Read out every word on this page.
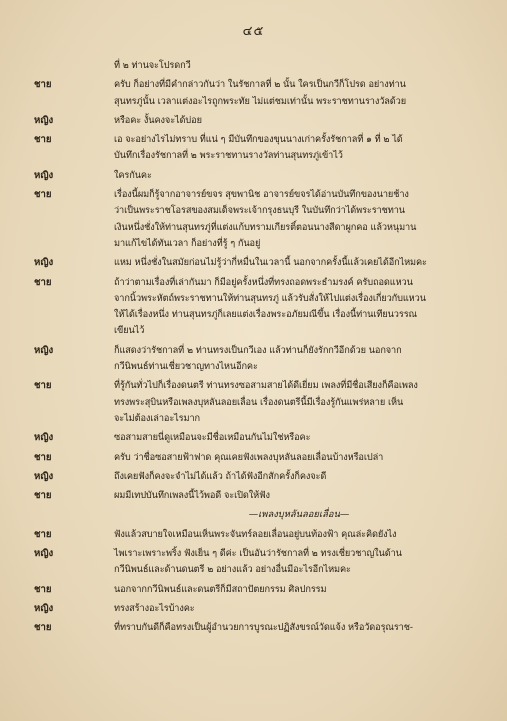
๔๕
ที่ ๒ ท่านจะโปรดกวี
ชาย	ครับ ก็อย่างที่มีคำกล่าวกันว่า ในรัชกาลที่ ๒ นั้น ใครเป็นกวีก็โปรด อย่างท่าน
สุนทรภู่นั้น เวลาแต่งอะไรถูกพระทัย ไม่แต่ชมเท่านั้น พระราชทานรางวัลด้วย
หญิง	หรือคะ งั้นคงจะได้บ่อย
ชาย	เอ จะอย่างไรไม่ทราบ ที่แน่ ๆ มีบันทึกของขุนนางเก่าครั้งรัชกาลที่ ๑ ที่ ๒ ได้
บันทึกเรื่องรัชกาลที่ ๒ พระราชทานรางวัลท่านสุนทรภู่เข้าไว้
หญิง	ใครกันคะ
ชาย	เรื่องนี้ผมก็รู้จากอาจารย์ขจร สุขพานิช อาจารย์ขจรได้อ่านบันทึกของนายช้าง
ว่าเป็นพระราชโอรสของสมเด็จพระเจ้ากรุงธนบุรี ในบันทึกว่าได้พระราชทาน
เงินหนึ่งชั่งให้ท่านสุนทรภู่ที่แต่งแก้บทรามเกียรติ์ตอนนางสีดาผูกคอ แล้วหนุมาน
มาแก้ไขได้ทันเวลา ก็อย่างที่รู้ ๆ กันอยู่
หญิง	แหม หนึ่งชั่งในสมัยก่อนไม่รู้ว่ากี่หมื่นในเวลานี้ นอกจากครั้งนี้แล้วเคยได้อีกไหมคะ
ชาย	ถ้าว่าตามเรื่องที่เล่ากันมา ก็มีอยู่ครั้งหนึ่งที่ทรงถอดพระธำมรงค์ ครับถอดแหวน
จากนิ้วพระหัตถ์พระราชทานให้ท่านสุนทรภู่ แล้วรับสั่งให้ไปแต่งเรื่องเกี่ยวกับแหวน
ให้ได้เรื่องหนึ่ง ท่านสุนทรภู่ก็เลยแต่งเรื่องพระอภัยมณีขึ้น เรื่องนี้ท่านเทียนวรรณ
เขียนไว้
หญิง	ก็แสดงว่ารัชกาลที่ ๒ ท่านทรงเป็นกวีเอง แล้วท่านก็ยังรักกวีอีกด้วย นอกจาก
กวีนิพนธ์ท่านเชี่ยวชาญทางไหนอีกคะ
ชาย	ที่รู้กันทั่วไปก็เรื่องดนตรี ท่านทรงซอสามสายได้ดีเยี่ยม เพลงที่มีชื่อเสียงก็คือเพลง
ทรงพระสุบินหรือเพลงบุหลันลอยเลื่อน เรื่องดนตรีนี้มีเรื่องรู้กันแพร่หลาย เห็น
จะไม่ต้องเล่าอะไรมาก
หญิง	ซอสามสายนี่ดูเหมือนจะมีชื่อเหมือนกันไม่ใช่หรือคะ
ชาย	ครับ ว่าชื่อซอสายฟ้าฟาด คุณเคยฟังเพลงบุหลันลอยเลื่อนบ้างหรือเปล่า
หญิง	ถึงเคยฟังก็คงจะจำไม่ได้แล้ว ถ้าได้ฟังอีกสักครั้งก็คงจะดี
ชาย	ผมมีเทปบันทึกเพลงนี้ไว้พอดี จะเปิดให้ฟัง
—เพลงบุหลันลอยเลื่อน—
ชาย	ฟังแล้วสบายใจเหมือนเห็นพระจันทร์ลอยเลื่อนอยู่บนท้องฟ้า คุณล่ะคิดยังไง
หญิง	ไพเราะเพราะพริ้ง ฟังเย็น ๆ ดีค่ะ เป็นอันว่ารัชกาลที่ ๒ ทรงเชี่ยวชาญในด้าน
กวีนิพนธ์และด้านดนตรี ๒ อย่างแล้ว อย่างอื่นมีอะไรอีกไหมคะ
ชาย	นอกจากกวีนิพนธ์และดนตรีก็มีสถาปัตยกรรม ศิลปกรรม
หญิง	ทรงสร้างอะไรบ้างคะ
ชาย	ที่ทราบกันดีก็คือทรงเป็นผู้อำนวยการบูรณะปฏิสังขรณ์วัดแจ้ง หรือวัดอรุณราช-
